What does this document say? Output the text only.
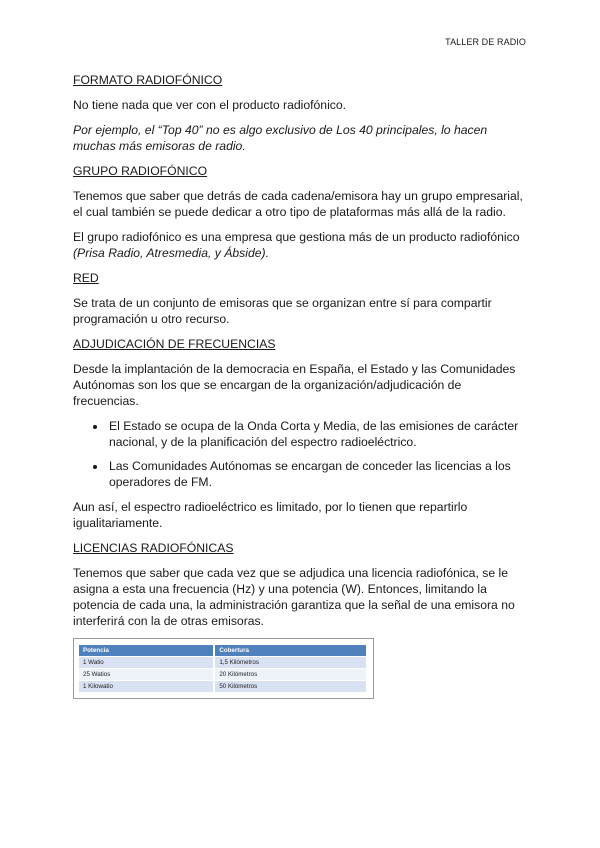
TALLER DE RADIO
FORMATO RADIOFÓNICO

No tiene nada que ver con el producto radiofónico.

Por ejemplo, el “Top 40” no es algo exclusivo de Los 40 principales, lo hacen muchas más emisoras de radio.

GRUPO RADIOFÓNICO

Tenemos que saber que detrás de cada cadena/emisora hay un grupo empresarial, el cual también se puede dedicar a otro tipo de plataformas más allá de la radio.

El grupo radiofónico es una empresa que gestiona más de un producto radiofónico (Prisa Radio, Atresmedia, y Ábside).

RED

Se trata de un conjunto de emisoras que se organizan entre sí para compartir programación u otro recurso.

ADJUDICACIÓN DE FRECUENCIAS

Desde la implantación de la democracia en España, el Estado y las Comunidades Autónomas son los que se encargan de la organización/adjudicación de frecuencias.

• El Estado se ocupa de la Onda Corta y Media, de las emisiones de carácter nacional, y de la planificación del espectro radioeléctrico.
• Las Comunidades Autónomas se encargan de conceder las licencias a los operadores de FM.

Aun así, el espectro radioeléctrico es limitado, por lo tienen que repartirlo igualitariamente.

LICENCIAS RADIOFÓNICAS

Tenemos que saber que cada vez que se adjudica una licencia radiofónica, se le asigna a esta una frecuencia (Hz) y una potencia (W). Entonces, limitando la potencia de cada una, la administración garantiza que la señal de una emisora no interferirá con la de otras emisoras.

Potencia	Cobertura
1 Watio	1,5 Kilómetros
25 Watios	20 Kilómetros
1 Kilowatio	50 Kilómetros
